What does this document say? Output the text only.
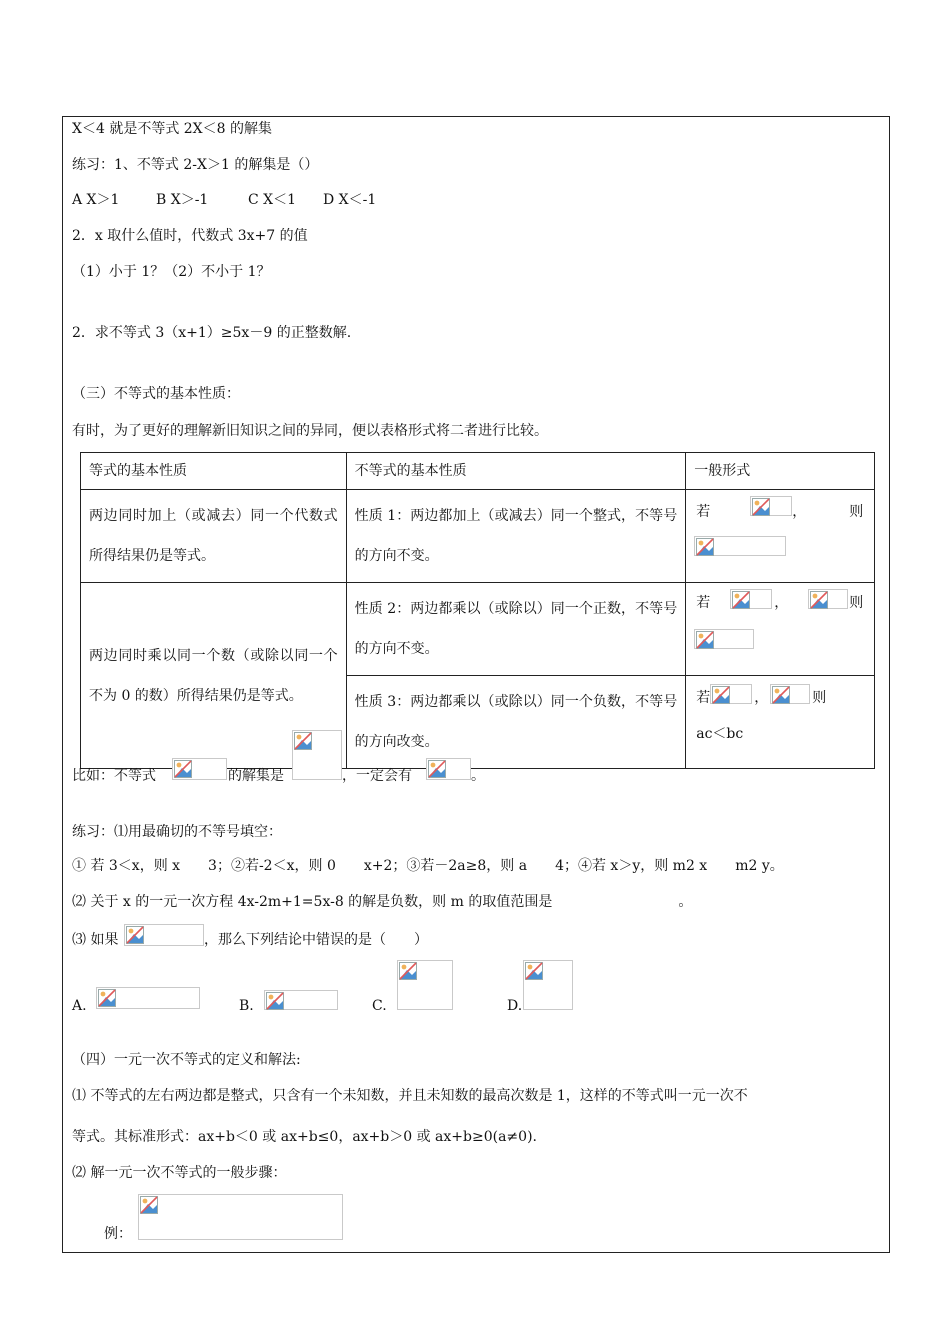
X＜4 就是不等式 2X＜8 的解集
练习：1、不等式 2-X＞1 的解集是（）
A X＞1	B X＞-1	C X＜1 D X＜-1
2．x 取什么值时，代数式 3x+7 的值
（1）小于 1？（2）不小于 1？
2．求不等式 3（x+1）≥5x－9 的正整数解.
（三）不等式的基本性质：
有时，为了更好的理解新旧知识之间的异同，便以表格形式将二者进行比较。
等式的基本性质	不等式的基本性质	一般形式
两边同时加上（或减去）同一个代数式所得结果仍是等式。	性质 1：两边都加上（或减去）同一个整式，不等号的方向不变。	若 ， 则

两边同时乘以同一个数（或除以同一个不为 0 的数）所得结果仍是等式。	性质 2：两边都乘以（或除以）同一个正数，不等号的方向不变。	若 ， 则

	性质 3：两边都乘以（或除以）同一个负数，不等号的方向改变。	若 ， 则
ac＜bc
比如：不等式	的解集是	，一定会有	。
练习：⑴用最确切的不等号填空：
① 若 3＜x，则 x　　3；②若-2＜x，则 0　　x+2；③若－2a≥8，则 a　　4；④若 x＞y，则 m2 x　　m2 y。
⑵ 关于 x 的一元一次方程 4x-2m+1=5x-8 的解是负数，则 m 的取值范围是　　　　　　　　　。
⑶ 如果	，那么下列结论中错误的是（　　）
A.	B.	C.	D.
（四）一元一次不等式的定义和解法:
⑴ 不等式的左右两边都是整式，只含有一个未知数，并且未知数的最高次数是 1，这样的不等式叫一元一次不
等式。其标准形式：ax+b＜0 或 ax+b≤0，ax+b＞0 或 ax+b≥0(a≠0).
⑵ 解一元一次不等式的一般步骤：
例：
